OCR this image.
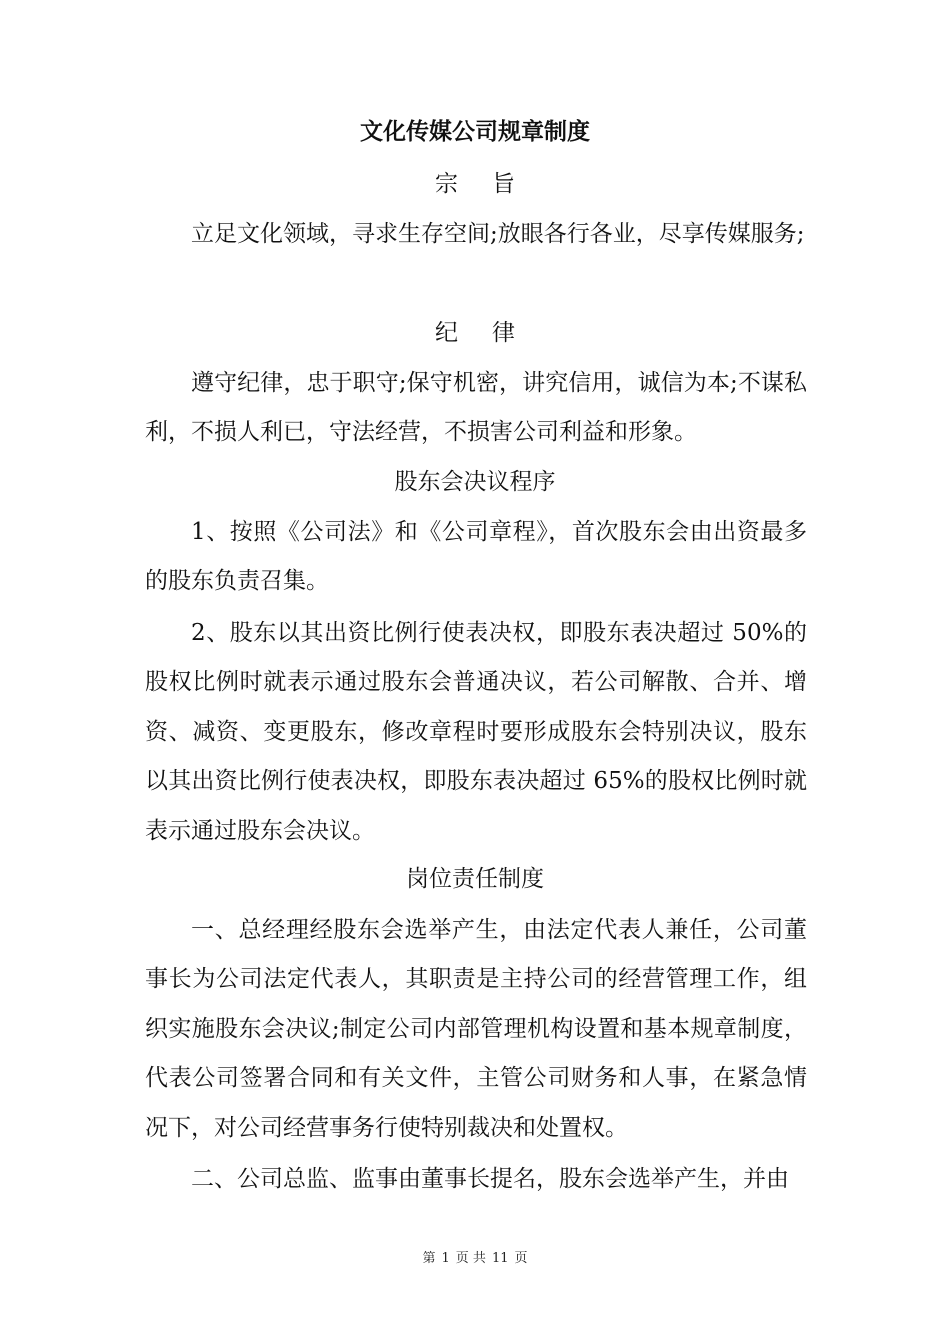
文化传媒公司规章制度
宗旨

立足文化领域，寻求生存空间;放眼各行各业，尽享传媒服务;

纪律

遵守纪律，忠于职守;保守机密，讲究信用，诚信为本;不谋私利，不损人利已，守法经营，不损害公司利益和形象。

股东会决议程序

1、按照《公司法》和《公司章程》，首次股东会由出资最多的股东负责召集。

2、股东以其出资比例行使表决权，即股东表决超过 50%的股权比例时就表示通过股东会普通决议，若公司解散、合并、增资、减资、变更股东，修改章程时要形成股东会特别决议，股东以其出资比例行使表决权，即股东表决超过 65%的股权比例时就表示通过股东会决议。

岗位责任制度

一、总经理经股东会选举产生，由法定代表人兼任，公司董事长为公司法定代表人，其职责是主持公司的经营管理工作，组织实施股东会决议;制定公司内部管理机构设置和基本规章制度，代表公司签署合同和有关文件，主管公司财务和人事，在紧急情况下，对公司经营事务行使特别裁决和处置权。

二、公司总监、监事由董事长提名，股东会选举产生，并由

第 1 页 共 11 页
